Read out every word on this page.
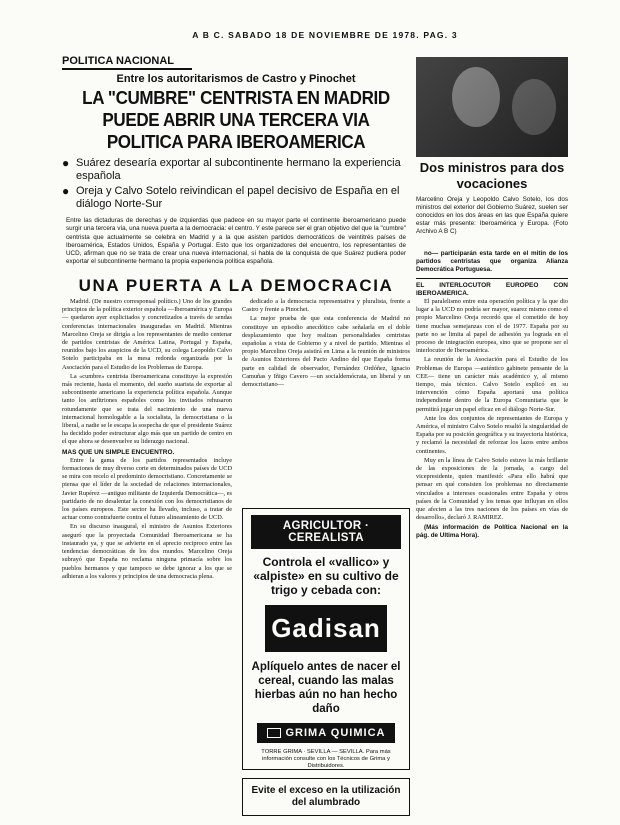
A B C. SABADO 18 DE NOVIEMBRE DE 1978. PAG. 3
POLITICA NACIONAL
Entre los autoritarismos de Castro y Pinochet
LA "CUMBRE" CENTRISTA EN MADRID PUEDE ABRIR UNA TERCERA VIA POLITICA PARA IBEROAMERICA
● Suárez desearía exportar al subcontinente hermano la experiencia española
● Oreja y Calvo Sotelo reivindican el papel decisivo de España en el diálogo Norte-Sur
Entre las dictaduras de derechas y de izquierdas que padece en su mayor parte el continente iberoamericano puede surgir una tercera vía, una nueva puerta a la democracia: el centro. Y este parece ser el gran objetivo del que la "cumbre" centrista que actualmente se celebra en Madrid y a la que asisten partidos democráticos de veintitrés países de Iberoamérica, Estados Unidos, España y Portugal. Esto que los organizadores del encuentro, los representantes de UCD, afirman que no se trata de crear una nueva internacional, sí habla de la conquista de que Suárez pudiera poder exportar el subcontinente hermano la propia experiencia política española.
UNA PUERTA A LA DEMOCRACIA

Madrid. (De nuestro corresponsal político.) Uno de los grandes principios de la política exterior española —Iberoamérica y Europa— quedaron ayer explicitados y concretizados a través de sendas conferencias internacionales inauguradas en Madrid. Mientras Marcelino Oreja se dirigía a los representantes de medio centenar de partidos centristas de América Latina, Portugal y España, reunidos bajo los auspicios de la UCD, su colega Leopoldo Calvo Sotelo participaba en la mesa redonda organizada por la Asociación para el Estudio de los Problemas de Europa.

La «cumbre» centrista iberoamericana constituye la expresión más reciente, hasta el momento, del sueño suarista de exportar al subcontinente americano la experiencia política española. Aunque tanto los anfitriones españoles como los invitados rehusaron rotundamente que se trata del nacimiento de una nueva internacional homologable a la socialista, la democristiana o la liberal, a nadie se le escapa la sospecha de que el presidente Suárez ha decidido poder estructurar algo más que un partido de centro en el que ahora se desenvuelve su liderazgo nacional.

MAS QUE UN SIMPLE ENCUENTRO.

Entre la gama de los partidos representados incluye formaciones de muy diverso corte en determinados países de UCD se mira con recelo el predominio democristiano. Concretamente se piensa que el líder de la sociedad de relaciones internacionales, Javier Rupérez —antiguo militante de Izquierda Democrática—, es partidario de no desalentar la conexión con los democristianos de los países europeos. Este sector ha llevado, incluso, a tratar de actuar como contrafuerte contra el futuro alineamiento de UCD.

En su discurso inaugural, el ministro de Asuntos Exteriores aseguró que la proyectada Comunidad Iberoamericana se ha instaurado ya, y que se advierte en el aprecio reciproco entre las tendencias democráticas de los dos mundos. Marcelino Oreja subrayó que España no reclama ninguna primacía sobre los pueblos hermanos y que tampoco se debe ignorar a los que se adhieran a los valores y principios de una democracia plena.

dedicado a la democracia representativa y pluralista, frente a Castro y frente a Pinochet.

La mejor prueba de que esta conferencia de Madrid no constituye un episodio anecdótico cabe señalarla en el doble desplazamiento que hoy realizan personalidades centristas españolas a vista de Gobierno y a nivel de partido. Mientras el propio Marcelino Oreja asistirá en Lima a la reunión de ministros de Asuntos Exteriores del Pacto Andino del que España forma parte en calidad de observador, Fernández Ordóñez, Ignacio Camuñas y Iñigo Cavero —un socialdemócrata, un liberal y un democristiano—

AGRICULTOR · CEREALISTA
Controla el «vallico» y «alpiste» en su cultivo de trigo y cebada con:
Gadisan
Aplíquelo antes de nacer el cereal, cuando las malas hierbas aún no han hecho daño
GRIMA QUIMICA
TORRE GRIMA · SEVILLA — SEVILLA. Para más información consulte con los Técnicos de Grima y Distribuidores.
Evite el exceso en la utilización del alumbrado
Dos ministros para dos vocaciones
Marcelino Oreja y Leopoldo Calvo Sotelo, los dos ministros del exterior del Gobierno Suárez, suelen ser conocidos en los dos áreas en las que España quiere estar más presente: Iberoamérica y Europa. (Foto Archivo A B C)

no— participarán esta tarde en el mitin de los partidos centristas que organiza Alianza Democrática Portuguesa.

EL INTERLOCUTOR EUROPEO CON IBEROAMERICA.

El paralelismo entre esta operación política y la que dio lugar a la UCD no podría ser mayor, suarez mismo como el propio Marcelino Oreja recordó que el cometido de hoy tiene muchas semejanzas con el de 1977. España por su parte no se limita al papel de adhesión ya lograda en el proceso de integración europea, sino que se propone ser el interlocutor de Iberoamérica.

La reunión de la Asociación para el Estudio de los Problemas de Europa —auténtico gabinete pensante de la CEE— tiene un carácter más académico y, al mismo tiempo, más técnico. Calvo Sotelo explicó en su intervención cómo España aportará una política independiente dentro de la Europa Comunitaria que le permitirá jugar un papel eficaz en el diálogo Norte-Sur.

Ante los dos conjuntos de representantes de Europa y América, el ministro Calvo Sotelo resaltó la singularidad de España por su posición geográfica y su trayectoria histórica, y reclamó la necesidad de reforzar los lazos entre ambos continentes.

Muy en la línea de Calvo Sotelo estuvo la más brillante de las exposiciones de la jornada, a cargo del vicepresidente, quien manifestó: «Para ello habrá que pensar en qué consisten los problemas no directamente vinculados a intereses ocasionales entre España y otros países de la Comunidad y los temas que influyan en ellos que afecten a las tres naciones de los países en vías de desarrollo», declaró J. RAMIREZ.

(Más información de Política Nacional en la pág. de Ultima Hora).
